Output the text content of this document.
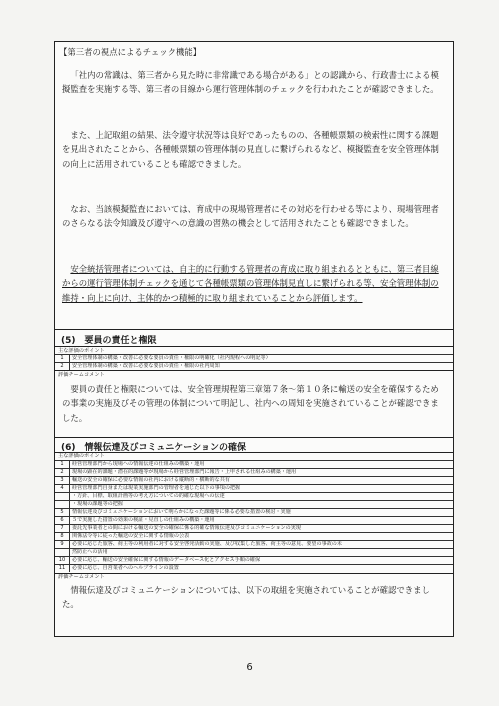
【第三者の視点によるチェック機能】

「社内の常識は、第三者から見た時に非常識である場合がある」との認識から、行政書士による模擬監査を実施する等、第三者の目線から運行管理体制のチェックを行われたことが確認できました。

また、上記取組の結果、法令遵守状況等は良好であったものの、各種帳票類の検索性に関する課題を見出されたことから、各種帳票類の管理体制の見直しに繋げられるなど、模擬監査を安全管理体制の向上に活用されていることも確認できました。

なお、当該模擬監査においては、育成中の現場管理者にその対応を行わせる等により、現場管理者のさらなる法令知識及び遵守への意識の習熟の機会として活用されたことも確認できました。

安全統括管理者については、自主的に行動する管理者の育成に取り組まれるとともに、第三者目線からの運行管理体制チェックを通じて各種帳票類の管理体制見直しに繋げられる等、安全管理体制の維持・向上に向け、主体的かつ積極的に取り組まれていることから評価します。

(5)　要員の責任と権限
主な評価のポイント
1	安全管理体制の構築・改善に必要な要員の責任・権限の明確化（社内規程への明記等）
2	安全管理体制の構築・改善に必要な要員の責任・権限の社内周知
評価チームコメント

要員の責任と権限については、安全管理規程第三章第７条～第１０条に輸送の安全を確保するための事業の実施及びその管理の体制について明記し、社内への周知を実施されていることが確認できました。

(6)　情報伝達及びコミュニケーションの確保
主な評価のポイント
1	経営管理部門から現場への情報伝達の仕組みの構築・運用
2	現場の顕在的課題・潜在的課題等が現場から経営管理部門に報告・上申される仕組みの構築・運用
3	輸送の安全の確保に必要な情報の社内における縦断的・横断的な共有
4	経営管理部門自身または現業実施部門の管理者を通じた以下の事項の把握
	・方針、目標、取組計画等の考え方についての的確な現場への伝達
	・現場の課題等の把握
5	情報伝達及びコミュニケーションにおいて明らかになった課題等に係る必要な措置の検討・実施
6	５で実施した措置の効果の検証・見直しの仕組みの構築・運用
7	委託先事業者との間における輸送の安全の確保に係る的確な情報伝達及びコミュニケーションの実現
8	関係法令等に従った輸送の安全に関する情報の公表
9	必要に応じた旅客、荷主等の利用者に対する安全啓発活動の実施、及び収集した旅客、荷主等の意見、要望の事故の未
	然防止への活用
10	必要に応じ、輸送の安全確保に関する情報のデータベース化とアクセス手順の確保
11	必要に応じ、自営業者へのヘルプラインの設置
評価チームコメント

情報伝達及びコミュニケーションについては、以下の取組を実施されていることが確認できました。

6
